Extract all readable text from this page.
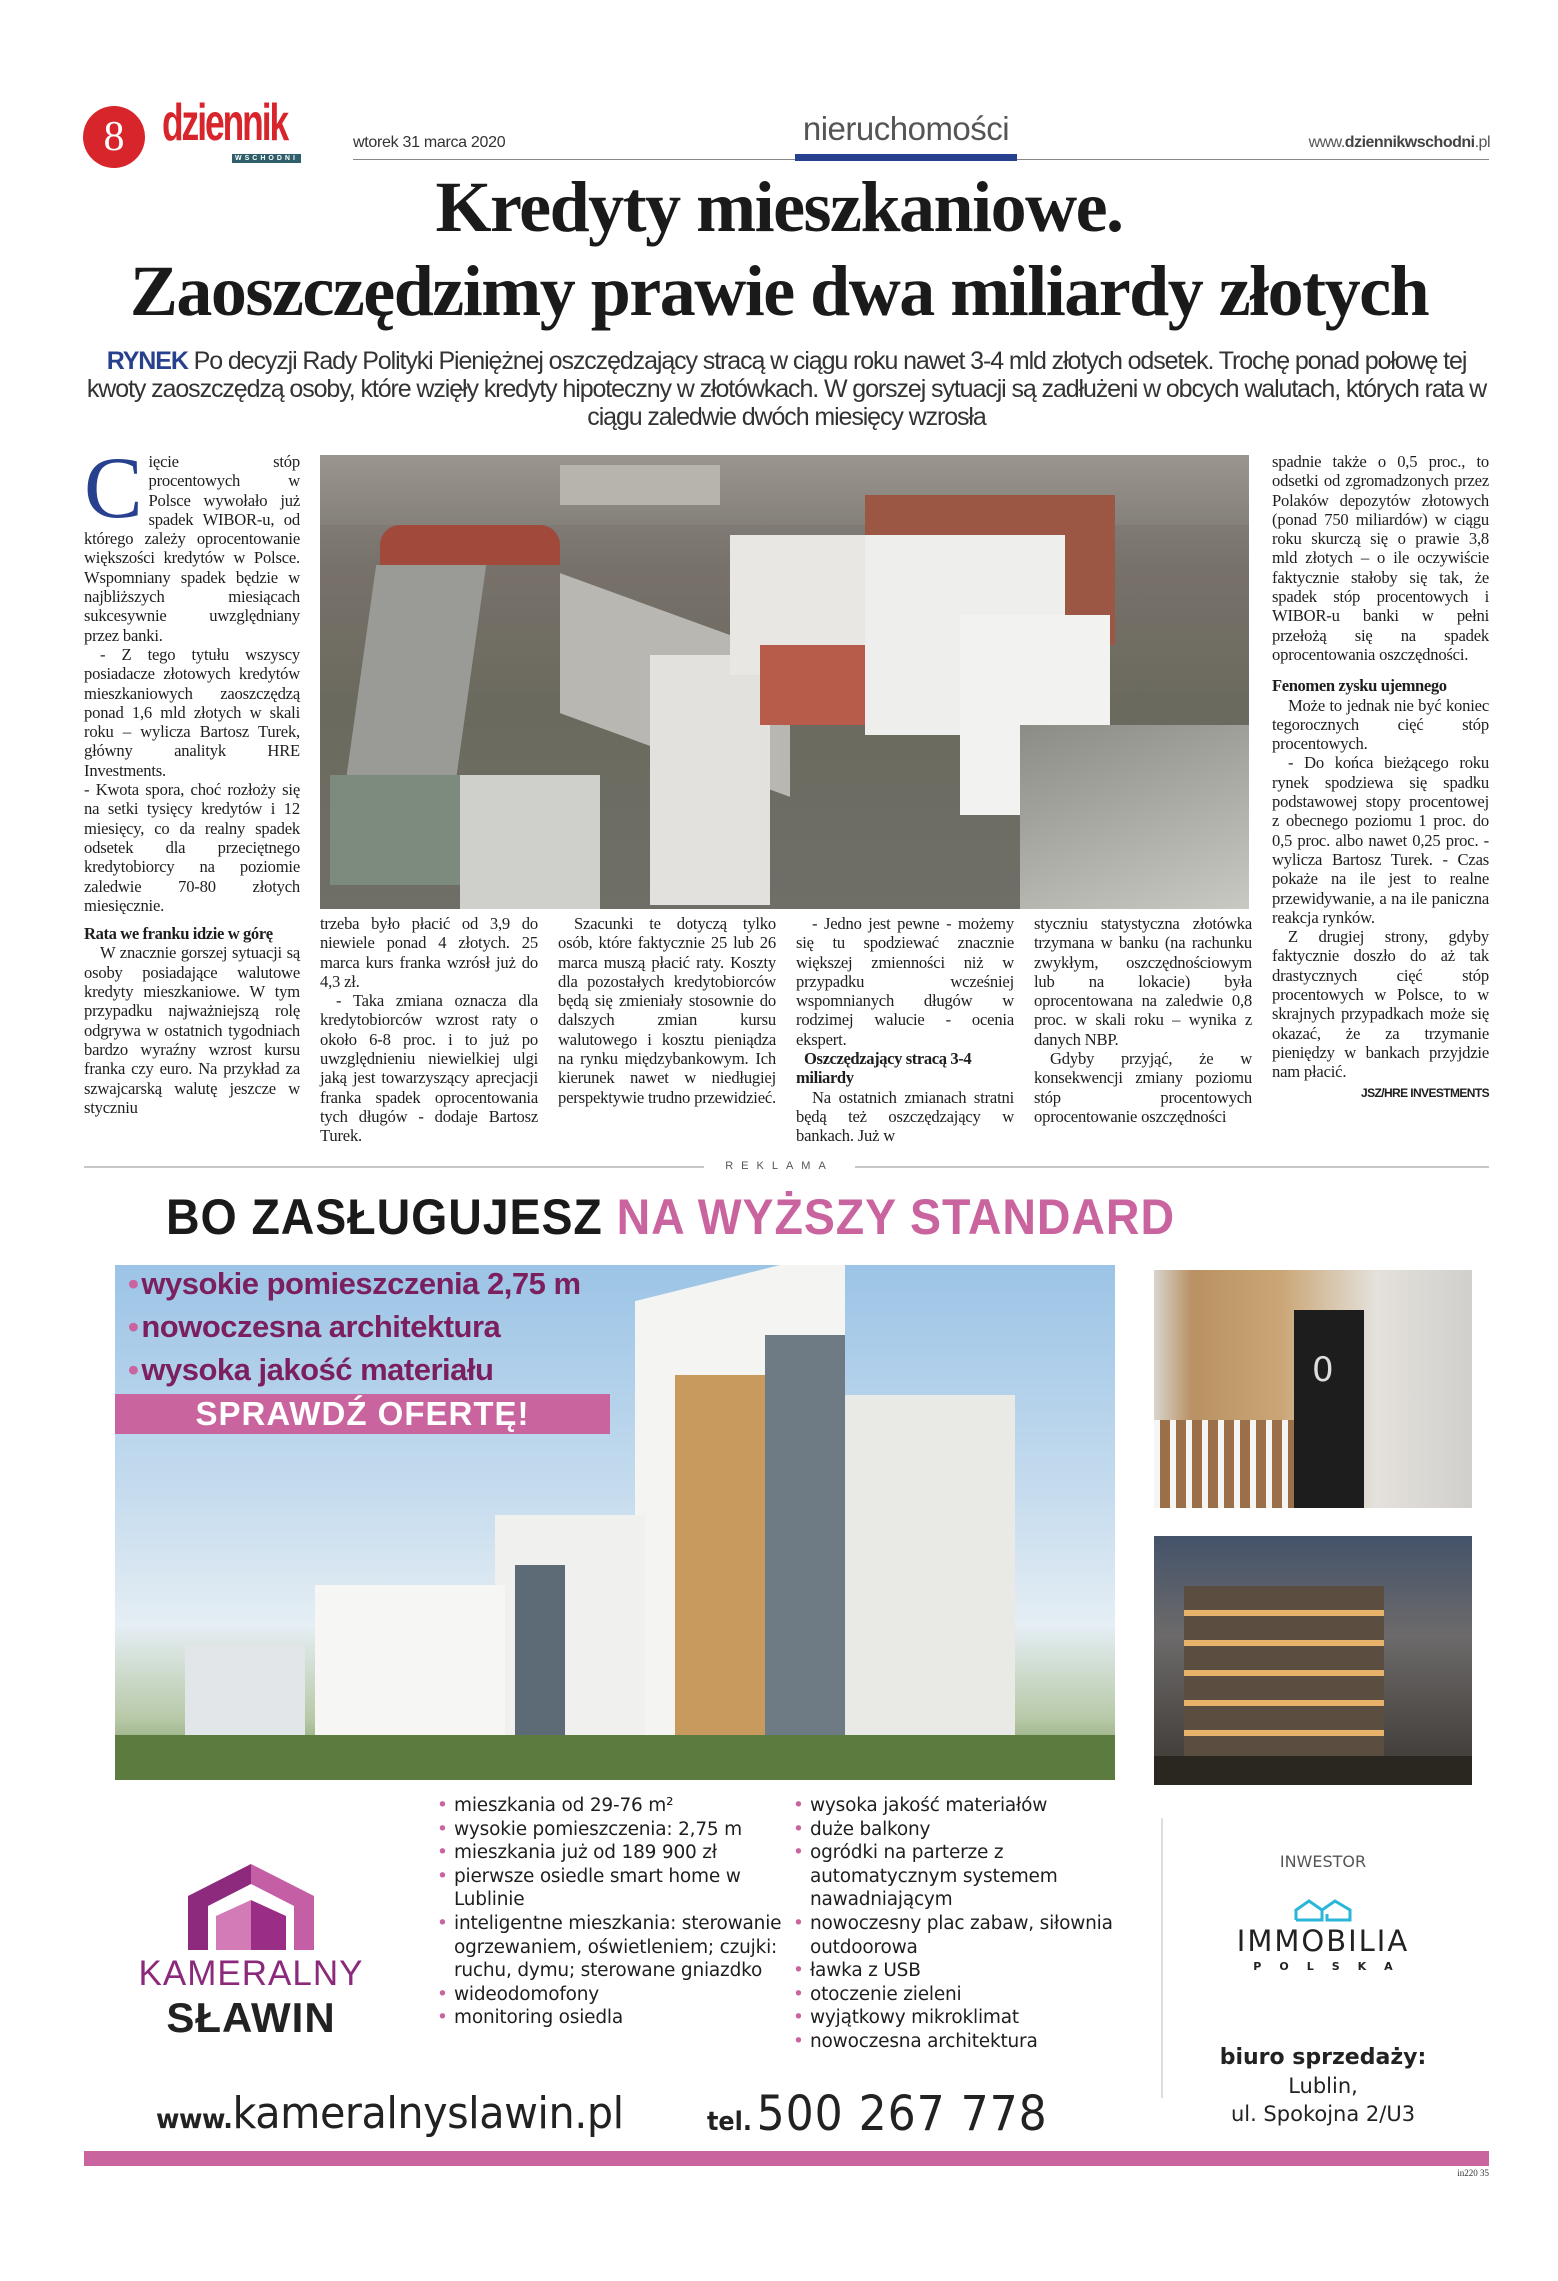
8 dziennik
WSCHODNI
wtorek 31 marca 2020	nieruchomości	www.dziennikwschodni.pl
Kredyty mieszkaniowe.
Zaoszczędzimy prawie dwa miliardy złotych
RYNEK Po decyzji Rady Polityki Pieniężnej oszczędzający stracą w ciągu roku nawet 3-4 mld złotych odsetek. Trochę ponad połowę tej kwoty zaoszczędzą osoby, które wzięły kredyty hipoteczny w złotówkach. W gorszej sytuacji są zadłużeni w obcych walutach, których rata w ciągu zaledwie dwóch miesięcy wzrosła
C ięcie stóp procentowych w Polsce wywołało już spadek WIBOR-u, od którego zależy oprocentowanie większości kredytów w Polsce. Wspomniany spadek będzie w najbliższych miesiącach sukcesywnie uwzględniany przez banki.

- Z tego tytułu wszyscy posiadacze złotowych kredytów mieszkaniowych zaoszczędzą ponad 1,6 mld złotych w skali roku – wylicza Bartosz Turek, główny analityk HRE Investments.

- Kwota spora, choć rozłoży się na setki tysięcy kredytów i 12 miesięcy, co da realny spadek odsetek dla przeciętnego kredytobiorcy na poziomie zaledwie 70-80 złotych miesięcznie.

Rata we franku idzie w górę

W znacznie gorszej sytuacji są osoby posiadające walutowe kredyty mieszkaniowe. W tym przypadku najważniejszą rolę odgrywa w ostatnich tygodniach bardzo wyraźny wzrost kursu franka czy euro. Na przykład za szwajcarską walutę jeszcze w styczniu

trzeba było płacić od 3,9 do niewiele ponad 4 złotych. 25 marca kurs franka wzrósł już do 4,3 zł.

- Taka zmiana oznacza dla kredytobiorców wzrost raty o około 6-8 proc. i to już po uwzględnieniu niewielkiej ulgi jaką jest towarzyszący aprecjacji franka spadek oprocentowania tych długów - dodaje Bartosz Turek.

Szacunki te dotyczą tylko osób, które faktycznie 25 lub 26 marca muszą płacić raty. Koszty dla pozostałych kredytobiorców będą się zmieniały stosownie do dalszych zmian kursu walutowego i kosztu pieniądza na rynku międzybankowym. Ich kierunek nawet w niedługiej perspektywie trudno przewidzieć.

- Jedno jest pewne - możemy się tu spodziewać znacznie większej zmienności niż w przypadku wcześniej wspomnianych długów w rodzimej walucie - ocenia ekspert.

Oszczędzający stracą 3-4 miliardy

Na ostatnich zmianach stratni będą też oszczędzający w bankach. Już w

styczniu statystyczna złotówka trzymana w banku (na rachunku zwykłym, oszczędnościowym lub na lokacie) była oprocentowana na zaledwie 0,8 proc. w skali roku – wynika z danych NBP.

Gdyby przyjąć, że w konsekwencji zmiany poziomu stóp procentowych oprocentowanie oszczędności

spadnie także o 0,5 proc., to odsetki od zgromadzonych przez Polaków depozytów złotowych (ponad 750 miliardów) w ciągu roku skurczą się o prawie 3,8 mld złotych – o ile oczywiście faktycznie stałoby się tak, że spadek stóp procentowych i WIBOR-u banki w pełni przełożą się na spadek oprocentowania oszczędności.

Fenomen zysku ujemnego

Może to jednak nie być koniec tegorocznych cięć stóp procentowych.

- Do końca bieżącego roku rynek spodziewa się spadku podstawowej stopy procentowej z obecnego poziomu 1 proc. do 0,5 proc. albo nawet 0,25 proc. - wylicza Bartosz Turek. - Czas pokaże na ile jest to realne przewidywanie, a na ile paniczna reakcja rynków.

Z drugiej strony, gdyby faktycznie doszło do aż tak drastycznych cięć stóp procentowych w Polsce, to w skrajnych przypadkach może się okazać, że za trzymanie pieniędzy w bankach przyjdzie nam płacić.

JSZ/HRE INVESTMENTS
REKLAMA
BO ZASŁUGUJESZ NA WYŻSZY STANDARD
•wysokie pomieszczenia 2,75 m
•nowoczesna architektura
•wysoka jakość materiału
SPRAWDŹ OFERTĘ!
0
KAMERALNY
SŁAWIN
• mieszkania od 29-76 m²
• wysokie pomieszczenia: 2,75 m
• mieszkania już od 189 900 zł
• pierwsze osiedle smart home w Lublinie
• inteligentne mieszkania: sterowanie ogrzewaniem, oświetleniem; czujki: ruchu, dymu; sterowane gniazdko
• wideodomofony
• monitoring osiedla
• wysoka jakość materiałów
• duże balkony
• ogródki na parterze z automatycznym systemem nawadniającym
• nowoczesny plac zabaw, siłownia outdoorowa
• ławka z USB
• otoczenie zieleni
• wyjątkowy mikroklimat
• nowoczesna architektura
INWESTOR
IMMOBILIA
POLSKA
biuro sprzedaży:
Lublin,
ul. Spokojna 2/U3
www.kameralnyslawin.pl	tel. 500 267 778
in220 35
